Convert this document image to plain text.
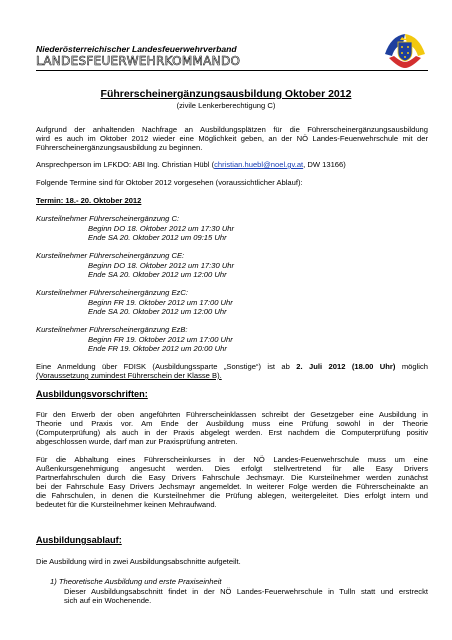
Niederösterreichischer Landesfeuerwehrverband
LANDESFEUERWEHRKOMMANDO
Führerscheinergänzungsausbildung Oktober 2012
(zivile Lenkerberechtigung C)
Aufgrund der anhaltenden Nachfrage an Ausbildungsplätzen für die Führerscheinergänzungsausbildung
wird es auch im Oktober 2012 wieder eine Möglichkeit geben, an der NÖ Landes-Feuerwehrschule mit der
Führerscheinergänzungsausbildung zu beginnen.
Ansprechperson im LFKDO: ABI Ing. Christian Hübl (christian.huebl@noel.gv.at, DW 13166)
Folgende Termine sind für Oktober 2012 vorgesehen (voraussichtlicher Ablauf):
Termin: 18.- 20. Oktober 2012
Kursteilnehmer Führerscheinergänzung C:
Beginn DO 18. Oktober 2012 um 17:30 Uhr
Ende SA 20. Oktober 2012 um 09:15 Uhr
Kursteilnehmer Führerscheinergänzung CE:
Beginn DO 18. Oktober 2012 um 17:30 Uhr
Ende SA 20. Oktober 2012 um 12:00 Uhr
Kursteilnehmer Führerscheinergänzung EzC:
Beginn FR 19. Oktober 2012 um 17:00 Uhr
Ende SA 20. Oktober 2012 um 12:00 Uhr
Kursteilnehmer Führerscheinergänzung EzB:
Beginn FR 19. Oktober 2012 um 17:00 Uhr
Ende FR 19. Oktober 2012 um 20:00 Uhr
Eine Anmeldung über FDISK (Ausbildungssparte „Sonstige“) ist ab 2. Juli 2012 (18.00 Uhr) möglich
(Voraussetzung zumindest Führerschein der Klasse B).
Ausbildungsvorschriften:
Für den Erwerb der oben angeführten Führerscheinklassen schreibt der Gesetzgeber eine Ausbildung in
Theorie und Praxis vor. Am Ende der Ausbildung muss eine Prüfung sowohl in der Theorie
(Computerprüfung) als auch in der Praxis abgelegt werden. Erst nachdem die Computerprüfung positiv
abgeschlossen wurde, darf man zur Praxisprüfung antreten.
Für die Abhaltung eines Führerscheinkurses in der NÖ Landes-Feuerwehrschule muss um eine
Außenkursgenehmigung angesucht werden. Dies erfolgt stellvertretend für alle Easy Drivers
Partnerfahrschulen durch die Easy Drivers Fahrschule Jechsmayr. Die Kursteilnehmer werden zunächst
bei der Fahrschule Easy Drivers Jechsmayr angemeldet. In weiterer Folge werden die Führerscheinakte an
die Fahrschulen, in denen die Kursteilnehmer die Prüfung ablegen, weitergeleitet. Dies erfolgt intern und
bedeutet für die Kursteilnehmer keinen Mehraufwand.
Ausbildungsablauf:
Die Ausbildung wird in zwei Ausbildungsabschnitte aufgeteilt.
1) Theoretische Ausbildung und erste Praxiseinheit
Dieser Ausbildungsabschnitt findet in der NÖ Landes-Feuerwehrschule in Tulln statt und erstreckt
sich auf ein Wochenende.
